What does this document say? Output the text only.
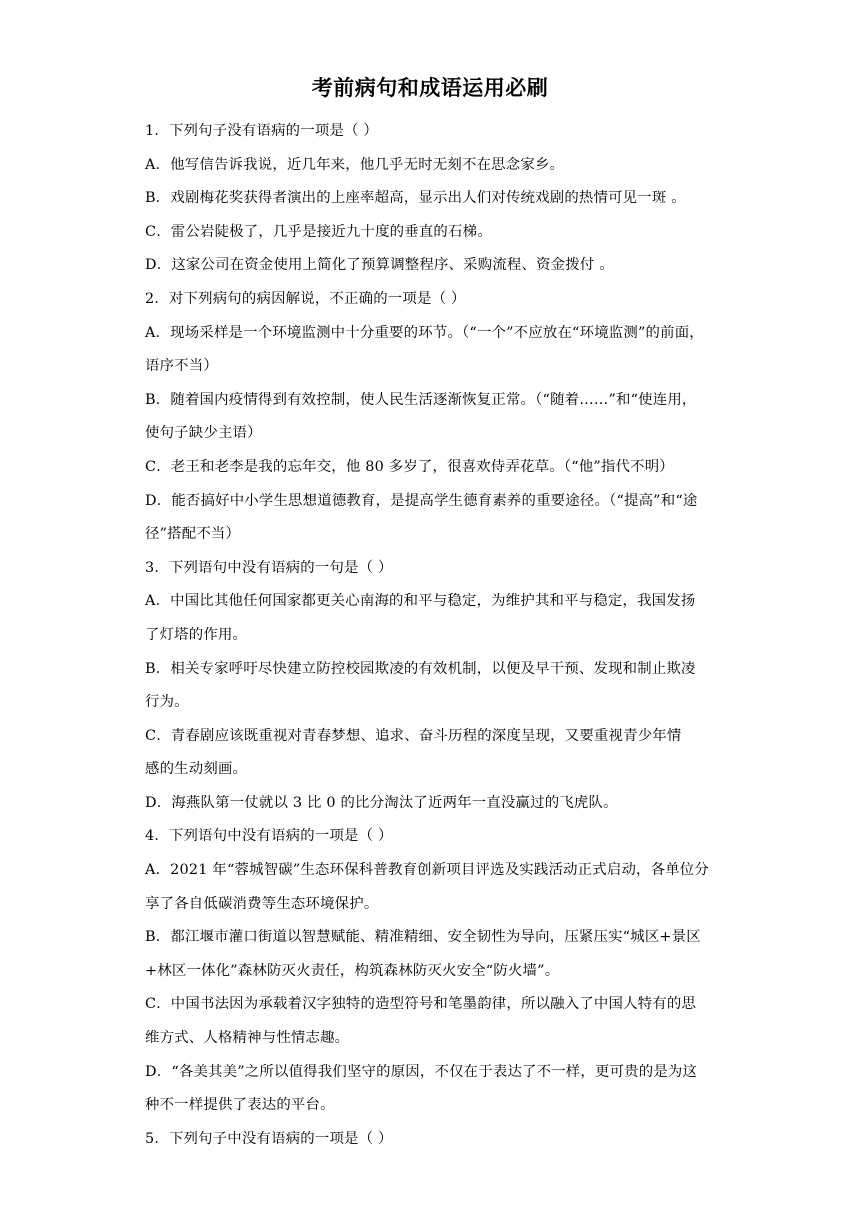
考前病句和成语运用必刷
1．下列句子没有语病的一项是（ ）
A．他写信告诉我说，近几年来，他几乎无时无刻不在思念家乡。
B．戏剧梅花奖获得者演出的上座率超高，显示出人们对传统戏剧的热情可见一斑 。
C．雷公岩陡极了，几乎是接近九十度的垂直的石梯。
D．这家公司在资金使用上简化了预算调整程序、采购流程、资金拨付 。
2．对下列病句的病因解说，不正确的一项是（ ）
A．现场采样是一个环境监测中十分重要的环节。（“一个”不应放在“环境监测”的前面，
语序不当）
B．随着国内疫情得到有效控制，使人民生活逐渐恢复正常。（“随着……”和“使连用，
使句子缺少主语）
C．老王和老李是我的忘年交，他 80 多岁了，很喜欢侍弄花草。（“他”指代不明）
D．能否搞好中小学生思想道德教育，是提高学生德育素养的重要途径。（“提高”和“途
径”搭配不当）
3．下列语句中没有语病的一句是（ ）
A．中国比其他任何国家都更关心南海的和平与稳定，为维护其和平与稳定，我国发扬
了灯塔的作用。
B．相关专家呼吁尽快建立防控校园欺凌的有效机制，以便及早干预、发现和制止欺凌
行为。
C．青春剧应该既重视对青春梦想、追求、奋斗历程的深度呈现，又要重视青少年情
感的生动刻画。
D．海燕队第一仗就以 3 比 0 的比分淘汰了近两年一直没赢过的飞虎队。
4．下列语句中没有语病的一项是（ ）
A．2021 年“蓉城智碳”生态环保科普教育创新项目评选及实践活动正式启动，各单位分
享了各自低碳消费等生态环境保护。
B．都江堰市灌口街道以智慧赋能、精准精细、安全韧性为导向，压紧压实“城区+景区
+林区一体化”森林防灭火责任，构筑森林防灭火安全“防火墙”。
C．中国书法因为承载着汉字独特的造型符号和笔墨韵律，所以融入了中国人特有的思
维方式、人格精神与性情志趣。
D．“各美其美”之所以值得我们坚守的原因，不仅在于表达了不一样，更可贵的是为这
种不一样提供了表达的平台。
5．下列句子中没有语病的一项是（ ）
